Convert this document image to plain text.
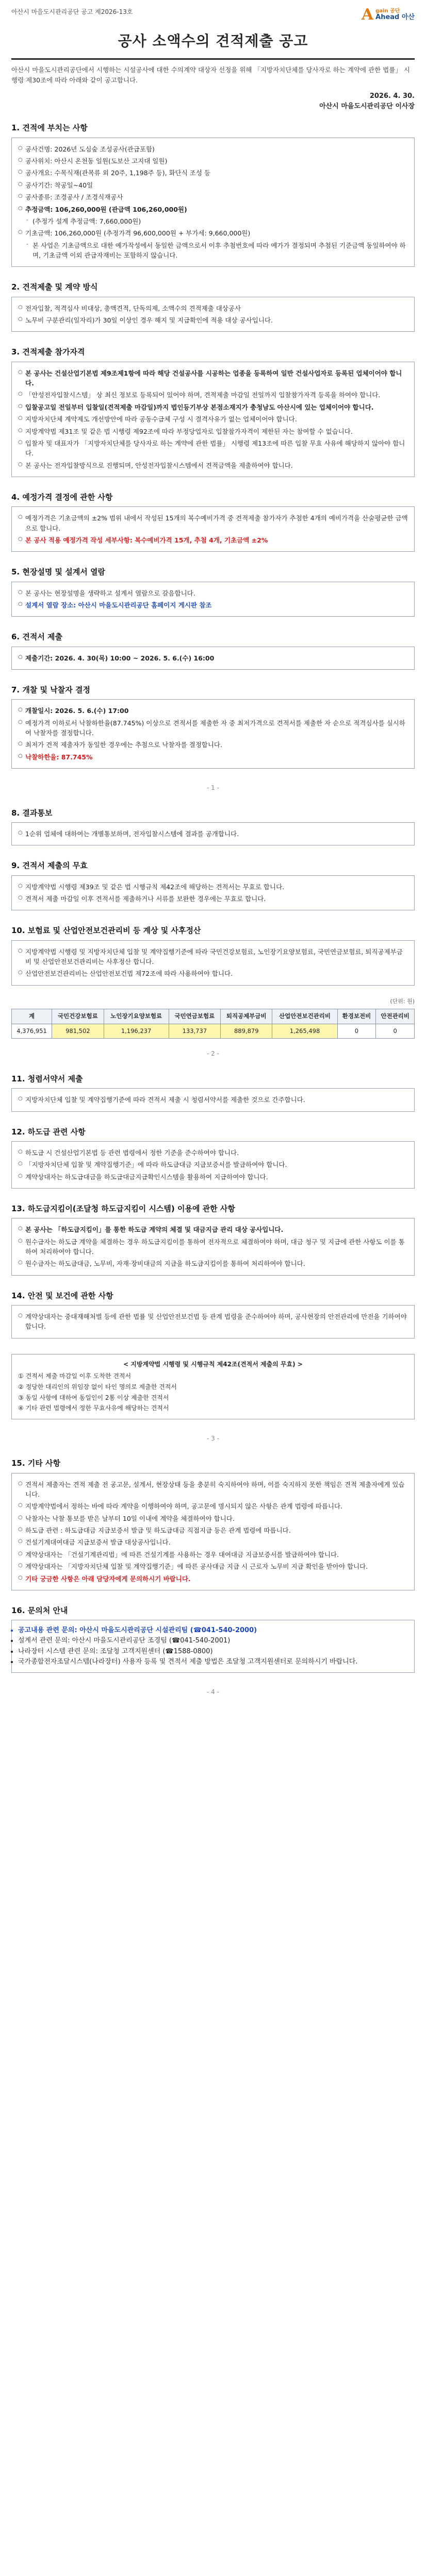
아산시 마을도시관리공단 공고 제2026-13호	A gain 공단
Ahead 아산
공사 소액수의 견적제출 공고

아산시 마을도시관리공단에서 시행하는 시설공사에 대한 수의계약 대상자 선정을 위해 「지방자치단체를 당사자로 하는 계약에 관한 법률」 시행령 제30조에 따라 아래와 같이 공고합니다.

2026. 4. 30.
아산시 마을도시관리공단 이사장
1. 견적에 부치는 사항
○ 공사건명: 2026년 도심숲 조성공사(관급포함)
○ 공사위치: 아산시 온천동 일원(도보산 고지대 일원)
○ 공사개요: 수목식재(관목류 외 20주, 1,198주 등), 화단식 조성 등
○ 공사기간: 착공일~40일
○ 공사종류: 조경공사 / 조경식재공사
○ 추정금액: 106,260,000원 (관급액 106,260,000원)
- (추정가 설계 추정금액: 7,660,000원)
○ 기초금액: 106,260,000원 (추정가격 96,600,000원 + 부가세: 9,660,000원)
- 본 사업은 기초금액으로 대한 예가작성에서 동일한 금액으로서 이후 추첨번호에 따라 예가가 결정되며 추첨된 기준금액 동일하여야 하며, 기초금액 이외 관급자재비는 포함하지 않습니다.
2. 견적제출 및 계약 방식
○ 전자입찰, 적격심사 비대상, 총액견적, 단독의제, 소액수의 견적제출 대상공사
○ 노무비 구분관리(일자리)가 30일 이상인 경우 해지 및 지급확인에 적용 대상 공사입니다.
3. 견적제출 참가자격
○ 본 공사는 건설산업기본법 제9조제1항에 따라 해당 건설공사를 시공하는 업종을 등록하여 일반 건설사업자로 등록된 업체이어야 합니다.
○ 「안성전자입찰시스템」 상 최신 정보로 등록되어 있어야 하며, 견적제출 마감일 전일까지 입찰참가자격 등록을 하여야 합니다.
○ 입찰공고일 전일부터 입찰일(견적제출 마감일)까지 법인등기부상 본점소재지가 충청남도 아산시에 있는 업체이어야 합니다.
○ 지방자치단체 계약제도 개선방안에 따라 공동수급체 구성 시 결격사유가 없는 업체이어야 합니다.
○ 지방계약법 제31조 및 같은 법 시행령 제92조에 따라 부정당업자로 입찰참가자격이 제한된 자는 참여할 수 없습니다.
○ 입찰자 및 대표자가 「지방자치단체를 당사자로 하는 계약에 관한 법률」 시행령 제13조에 따른 입찰 무효 사유에 해당하지 않아야 합니다.
○ 본 공사는 전자입찰방식으로 진행되며, 안성전자입찰시스템에서 견적금액을 제출하여야 합니다.
4. 예정가격 결정에 관한 사항
○ 예정가격은 기초금액의 ±2% 범위 내에서 작성된 15개의 복수예비가격 중 견적제출 참가자가 추첨한 4개의 예비가격을 산술평균한 금액으로 합니다.
○ 본 공사 적용 예정가격 작성 세부사항: 복수예비가격 15개, 추첨 4개, 기초금액 ±2%
5. 현장설명 및 설계서 열람
○ 본 공사는 현장설명을 생략하고 설계서 열람으로 갈음합니다.
○ 설계서 열람 장소: 아산시 마을도시관리공단 홈페이지 게시판 참조
6. 견적서 제출
○ 제출기간: 2026. 4. 30(목) 10:00 ~ 2026. 5. 6.(수) 16:00
7. 개찰 및 낙찰자 결정
○ 개찰일시: 2026. 5. 6.(수) 17:00
○ 예정가격 이하로서 낙찰하한율(87.745%) 이상으로 견적서를 제출한 자 중 최저가격으로 견적서를 제출한 자 순으로 적격심사를 실시하여 낙찰자를 결정합니다.
○ 최저가 견적 제출자가 동일한 경우에는 추첨으로 낙찰자를 결정합니다.
○ 낙찰하한율: 87.745%
- 1 -
8. 결과통보
○ 1순위 업체에 대하여는 개별통보하며, 전자입찰시스템에 결과를 공개합니다.
9. 견적서 제출의 무효
○ 지방계약법 시행령 제39조 및 같은 법 시행규칙 제42조에 해당하는 견적서는 무효로 합니다.
○ 견적서 제출 마감일 이후 견적서를 제출하거나 서류를 보완한 경우에는 무효로 합니다.
10. 보험료 및 산업안전보건관리비 등 계상 및 사후정산
○ 지방계약법 시행령 및 지방자치단체 입찰 및 계약집행기준에 따라 국민건강보험료, 노인장기요양보험료, 국민연금보험료, 퇴직공제부금비 및 산업안전보건관리비는 사후정산 합니다.
○ 산업안전보건관리비는 산업안전보건법 제72조에 따라 사용하여야 합니다.
(단위: 원)
계	국민건강보험료	노인장기요양보험료	국민연금보험료	퇴직공제부금비	산업안전보건관리비	환경보전비	안전관리비
4,376,951	981,502	1,196,237	133,737	889,879	1,265,498	0	0
- 2 -
11. 청렴서약서 제출
○ 지방자치단체 입찰 및 계약집행기준에 따라 견적서 제출 시 청렴서약서를 제출한 것으로 간주합니다.
12. 하도급 관련 사항
○ 하도급 시 건설산업기본법 등 관련 법령에서 정한 기준을 준수하여야 합니다.
○ 「지방자치단체 입찰 및 계약집행기준」에 따라 하도급대금 지급보증서를 발급하여야 합니다.
○ 계약상대자는 하도급대금을 하도급대금지급확인시스템을 활용하여 지급하여야 합니다.
13. 하도급지킴이(조달청 하도급지킴이 시스템) 이용에 관한 사항
○ 본 공사는 「하도급지킴이」를 통한 하도급 계약의 체결 및 대금지급 관리 대상 공사입니다.
○ 원수급자는 하도급 계약을 체결하는 경우 하도급지킴이를 통하여 전자적으로 체결하여야 하며, 대금 청구 및 지급에 관한 사항도 이를 통하여 처리하여야 합니다.
○ 원수급자는 하도급대금, 노무비, 자재·장비대금의 지급을 하도급지킴이를 통하여 처리하여야 합니다.
14. 안전 및 보건에 관한 사항
○ 계약상대자는 중대재해처벌 등에 관한 법률 및 산업안전보건법 등 관계 법령을 준수하여야 하며, 공사현장의 안전관리에 만전을 기하여야 합니다.
< 지방계약법 시행령 및 시행규칙 제42조(견적서 제출의 무효) >

① 견적서 제출 마감일 이후 도착한 견적서

② 정당한 대리인의 위임장 없이 타인 명의로 제출한 견적서

③ 동일 사항에 대하여 동일인이 2통 이상 제출한 견적서

④ 기타 관련 법령에서 정한 무효사유에 해당하는 견적서

- 3 -
15. 기타 사항
○ 견적서 제출자는 견적 제출 전 공고문, 설계서, 현장상태 등을 충분히 숙지하여야 하며, 이를 숙지하지 못한 책임은 견적 제출자에게 있습니다.
○ 지방계약법에서 정하는 바에 따라 계약을 이행하여야 하며, 공고문에 명시되지 않은 사항은 관계 법령에 따릅니다.
○ 낙찰자는 낙찰 통보를 받은 날부터 10일 이내에 계약을 체결하여야 합니다.
○ 하도급 관련 : 하도급대금 지급보증서 발급 및 하도급대금 직접지급 등은 관계 법령에 따릅니다.
○ 건설기계대여대금 지급보증서 발급 대상공사입니다.
○ 계약상대자는 「건설기계관리법」에 따른 건설기계를 사용하는 경우 대여대금 지급보증서를 발급하여야 합니다.
○ 계약상대자는 「지방자치단체 입찰 및 계약집행기준」에 따른 공사대금 지급 시 근로자 노무비 지급 확인을 받아야 합니다.
○ 기타 궁금한 사항은 아래 담당자에게 문의하시기 바랍니다.
16. 문의처 안내
• 공고내용 관련 문의: 아산시 마을도시관리공단 시설관리팀 (☎041-540-2000)
• 설계서 관련 문의: 아산시 마을도시관리공단 조경팀 (☎041-540-2001)
• 나라장터 시스템 관련 문의: 조달청 고객지원센터 (☎1588-0800)
• 국가종합전자조달시스템(나라장터) 사용자 등록 및 견적서 제출 방법은 조달청 고객지원센터로 문의하시기 바랍니다.
- 4 -
